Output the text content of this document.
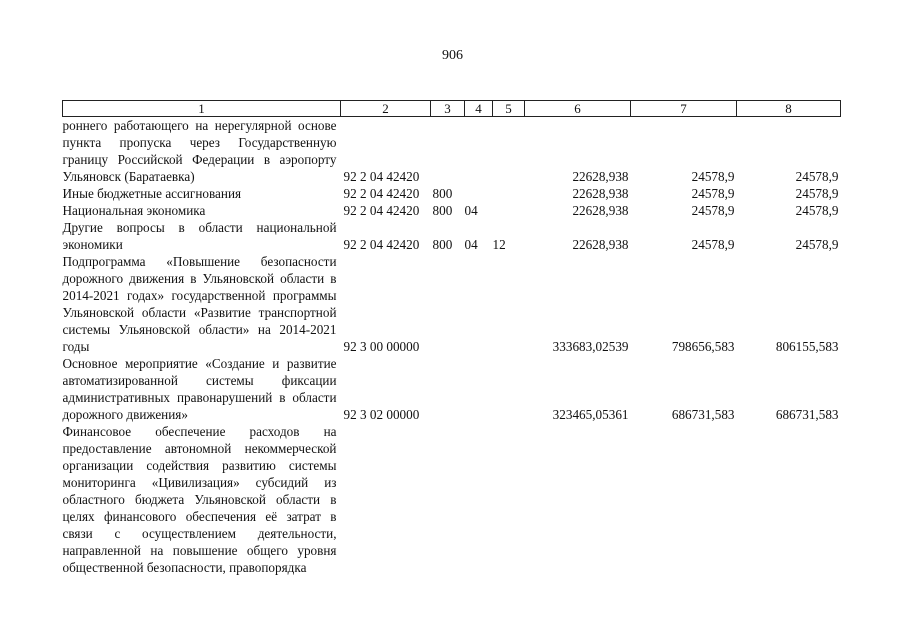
906
1	2	3	4	5	6	7	8
роннего работающего на нерегулярной основе пункта пропуска через Государственную границу Российской Федерации в аэропорту Ульяновск (Баратаевка)	92 2 04 42420				22628,938	24578,9	24578,9
Иные бюджетные ассигнования	92 2 04 42420	800			22628,938	24578,9	24578,9
Национальная экономика	92 2 04 42420	800	04		22628,938	24578,9	24578,9
Другие вопросы в области национальной экономики	92 2 04 42420	800	04	12	22628,938	24578,9	24578,9
Подпрограмма «Повышение безопасности дорожного движения в Ульяновской области в 2014-2021 годах» государственной программы Ульяновской области «Развитие транспортной системы Ульяновской области» на 2014-2021 годы	92 3 00 00000				333683,02539	798656,583	806155,583
Основное мероприятие «Создание и развитие автоматизированной системы фиксации административных правонарушений в области дорожного движения»	92 3 02 00000				323465,05361	686731,583	686731,583
Финансовое обеспечение расходов на предоставление автономной некоммерческой организации содействия развитию системы мониторинга «Цивилизация» субсидий из областного бюджета Ульяновской области в целях финансового обеспечения её затрат в связи с осуществлением деятельности, направленной на повышение общего уровня общественной безопасности, правопорядка							
